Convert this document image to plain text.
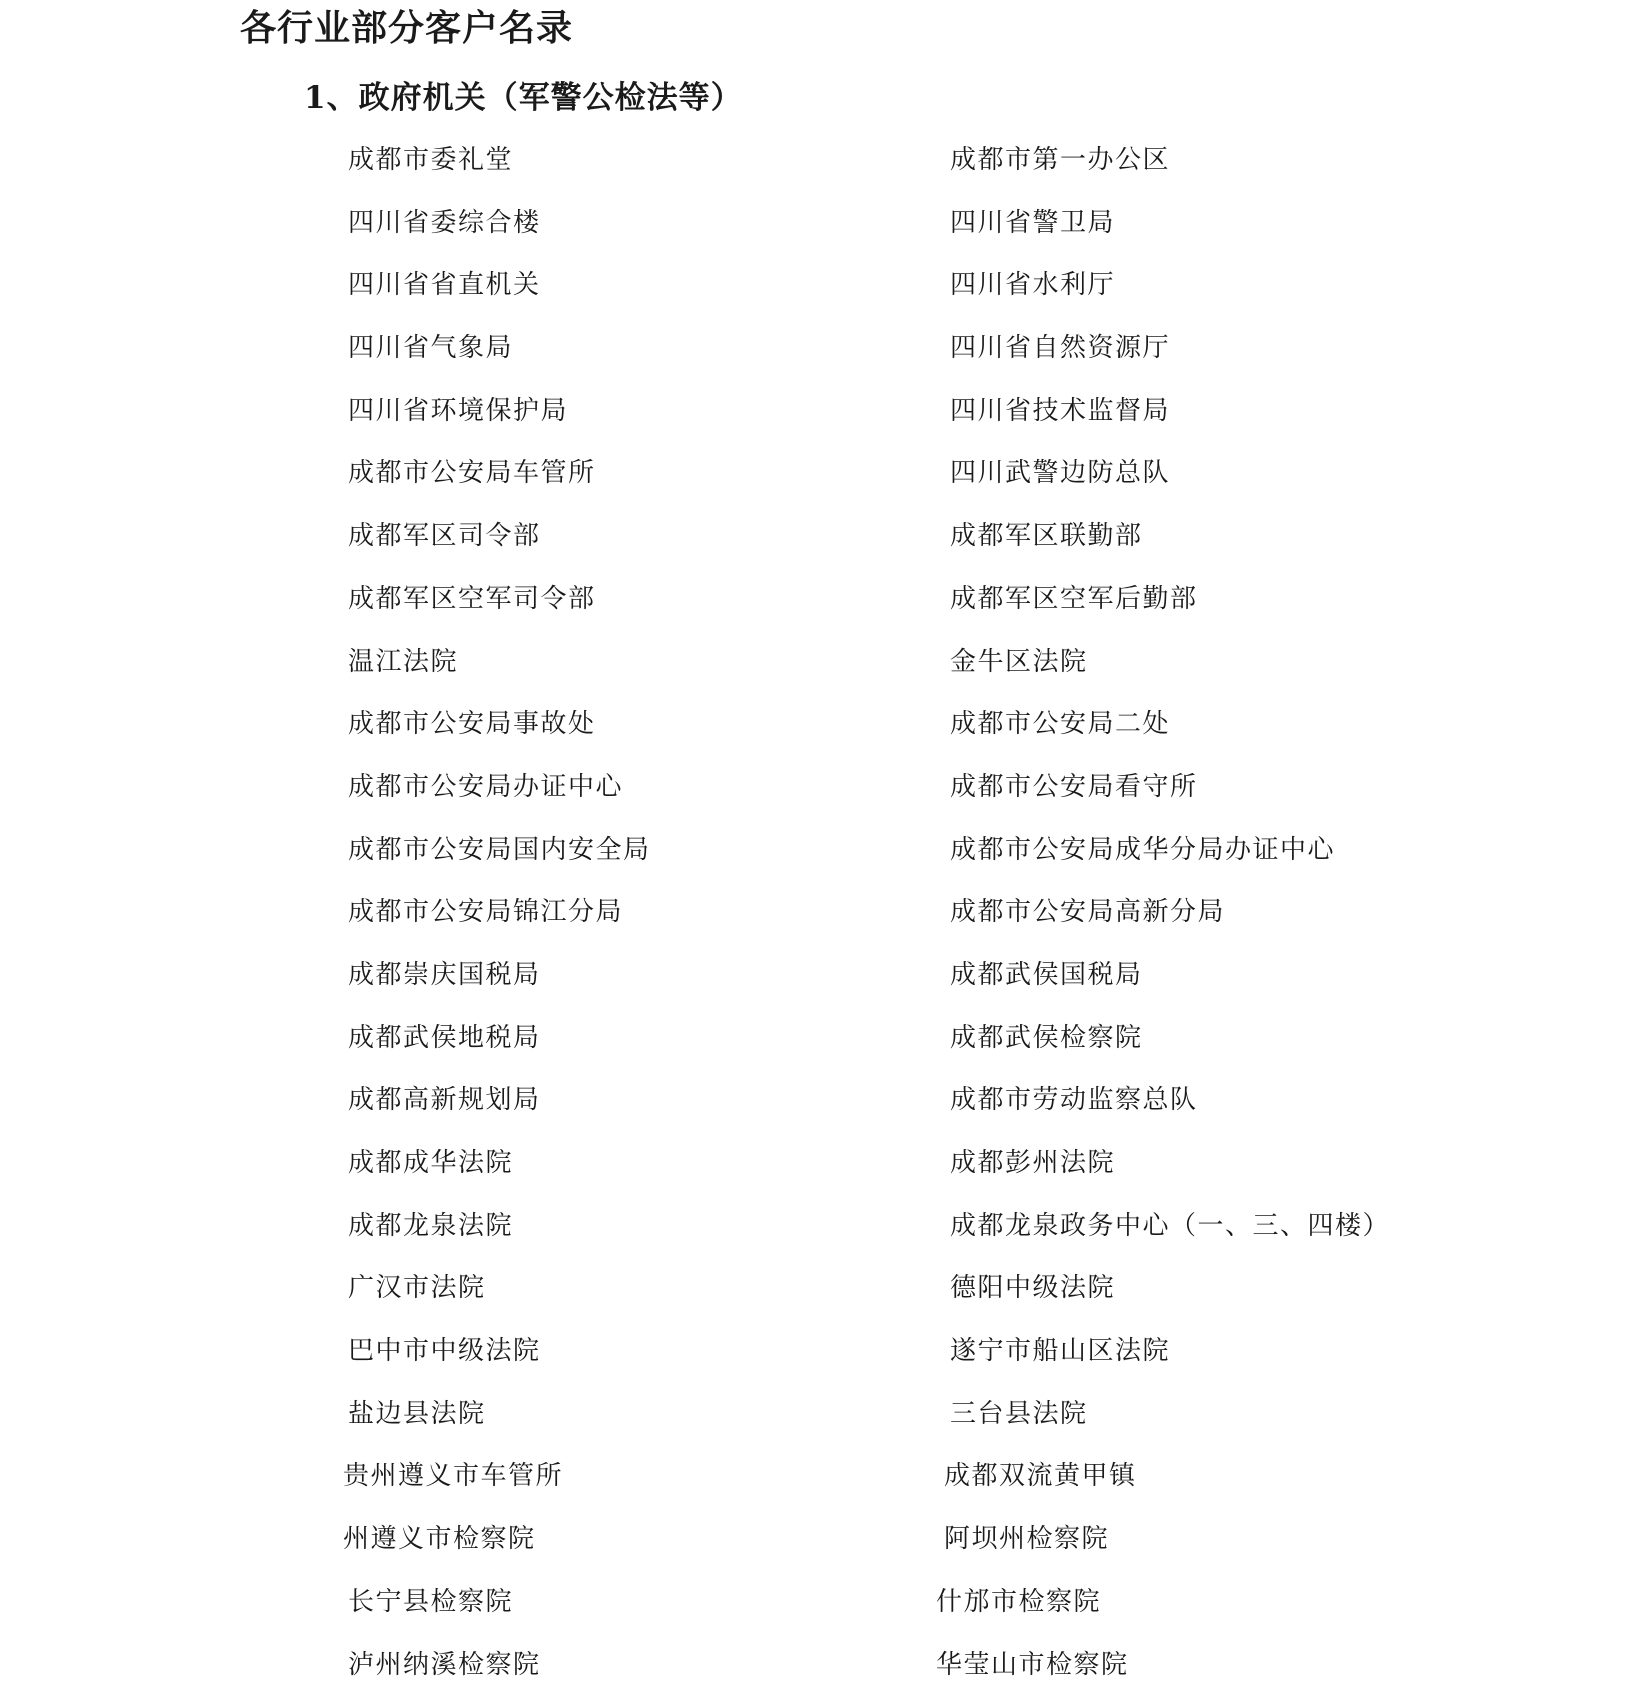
各行业部分客户名录
1、政府机关（军警公检法等）
成都市委礼堂	成都市第一办公区
四川省委综合楼	四川省警卫局
四川省省直机关	四川省水利厅
四川省气象局	四川省自然资源厅
四川省环境保护局	四川省技术监督局
成都市公安局车管所	四川武警边防总队
成都军区司令部	成都军区联勤部
成都军区空军司令部	成都军区空军后勤部
温江法院	金牛区法院
成都市公安局事故处	成都市公安局二处
成都市公安局办证中心	成都市公安局看守所
成都市公安局国内安全局	成都市公安局成华分局办证中心
成都市公安局锦江分局	成都市公安局高新分局
成都崇庆国税局	成都武侯国税局
成都武侯地税局	成都武侯检察院
成都高新规划局	成都市劳动监察总队
成都成华法院	成都彭州法院
成都龙泉法院	成都龙泉政务中心（一、三、四楼）
广汉市法院	德阳中级法院
巴中市中级法院	遂宁市船山区法院
盐边县法院	三台县法院
贵州遵义市车管所	成都双流黄甲镇
州遵义市检察院	阿坝州检察院
长宁县检察院	什邡市检察院
泸州纳溪检察院	华莹山市检察院
